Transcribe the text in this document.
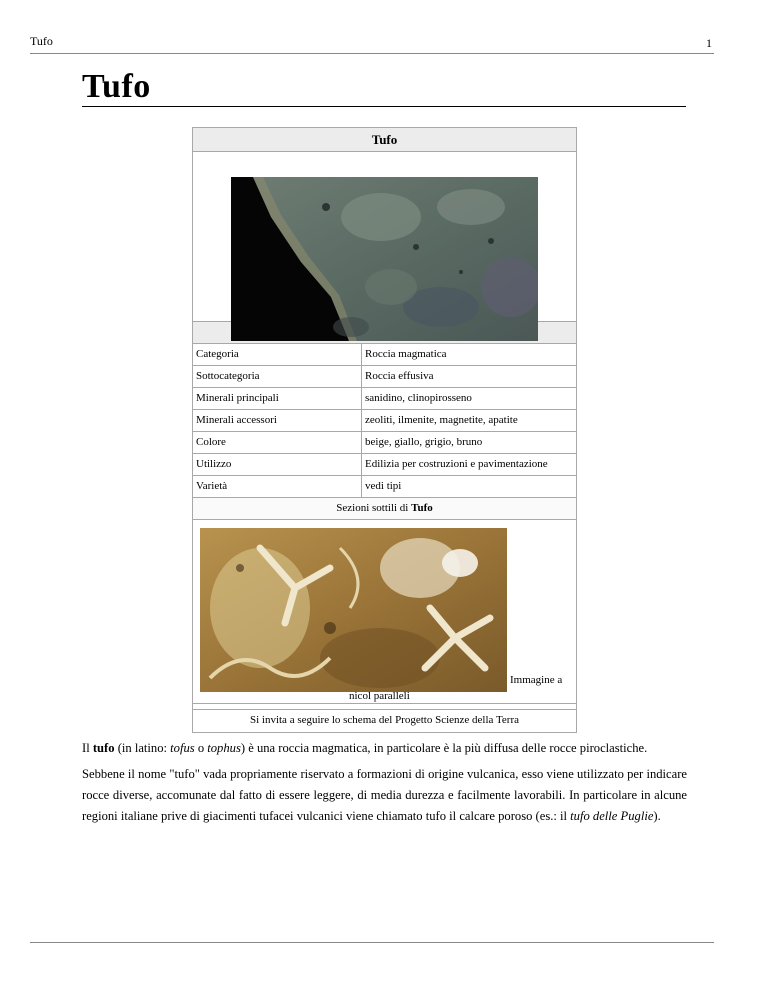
Tufo	1
Tufo
Tufo
Categoria	Roccia magmatica
Sottocategoria	Roccia effusiva
Minerali principali	sanidino, clinopirosseno
Minerali accessori	zeoliti, ilmenite, magnetite, apatite
Colore	beige, giallo, grigio, bruno
Utilizzo	Edilizia per costruzioni e pavimentazione
Varietà	vedi tipi
Sezioni sottili di Tufo
Immagine a
nicol paralleli
Si invita a seguire lo schema del Progetto Scienze della Terra

Il tufo (in latino: tofus o tophus) è una roccia magmatica, in particolare è la più diffusa delle rocce piroclastiche.

Sebbene il nome "tufo" vada propriamente riservato a formazioni di origine vulcanica, esso viene utilizzato per indicare rocce diverse, accomunate dal fatto di essere leggere, di media durezza e facilmente lavorabili. In particolare in alcune regioni italiane prive di giacimenti tufacei vulcanici viene chiamato tufo il calcare poroso (es.: il tufo delle Puglie).
